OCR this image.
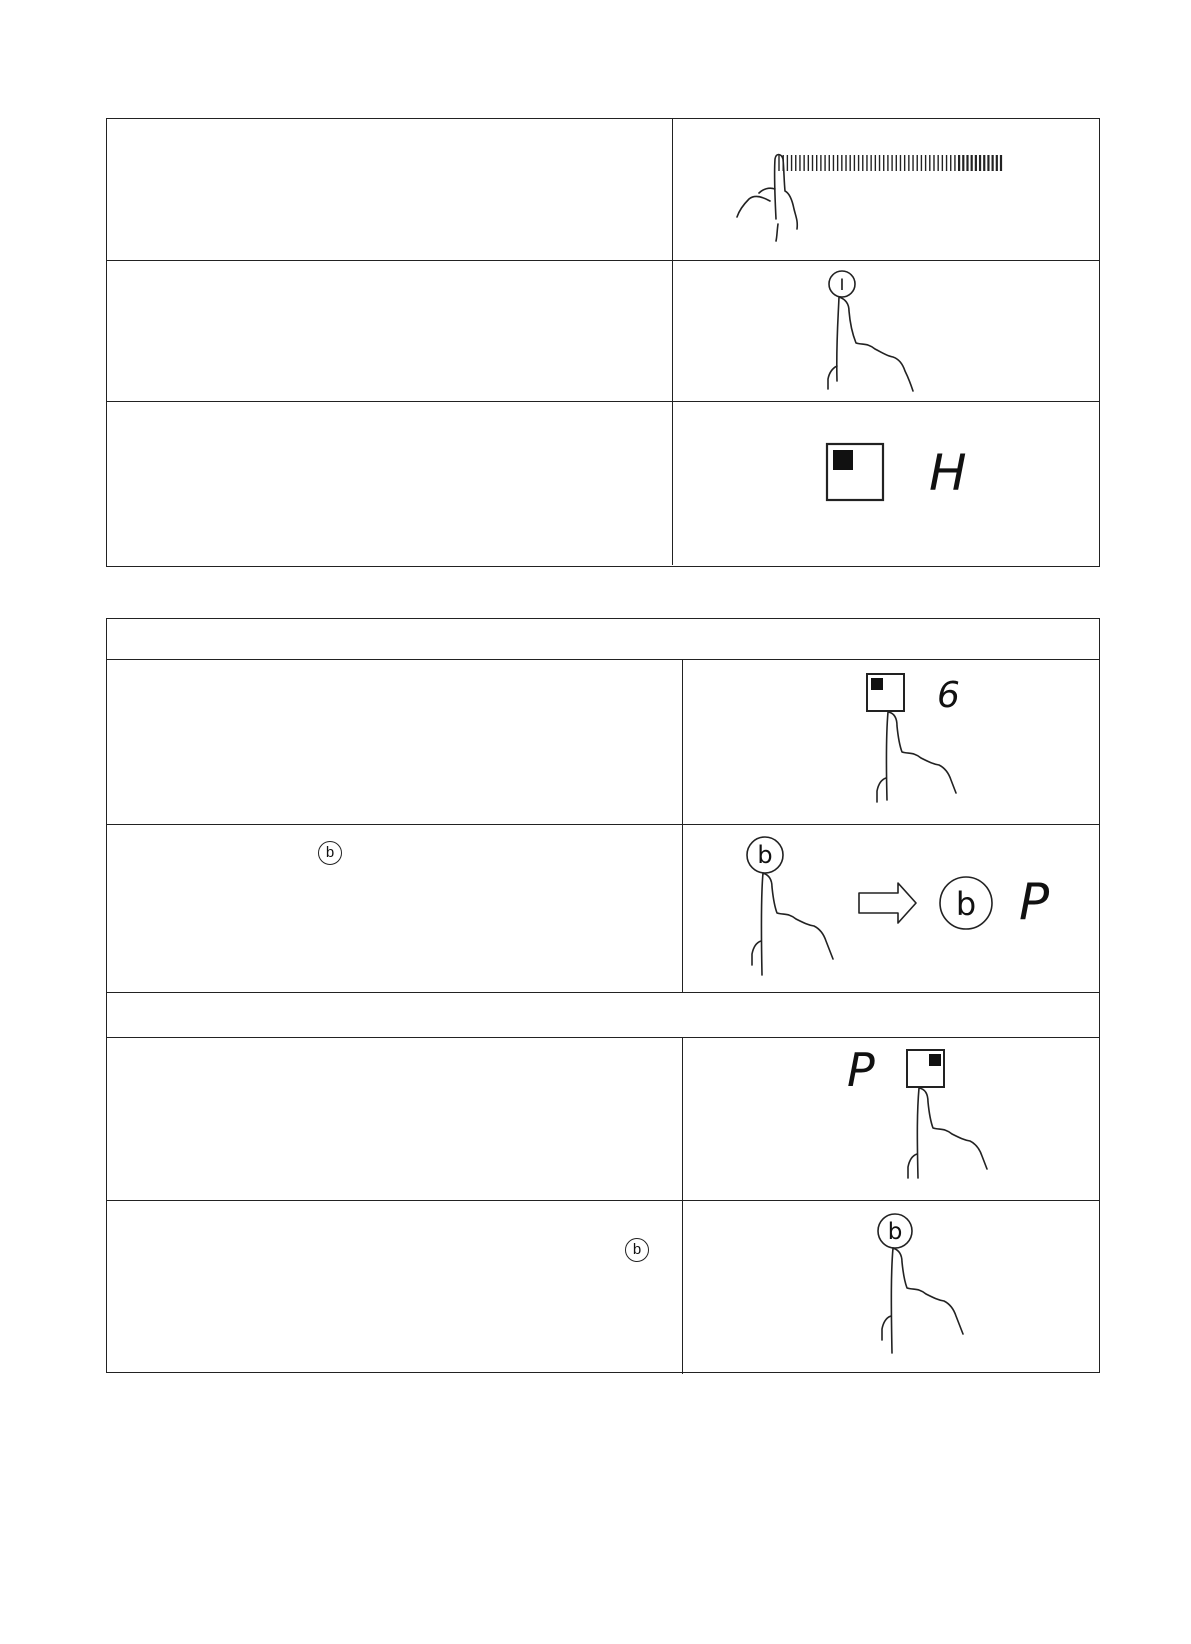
I
H
6
b	b
b P
P
b
b
